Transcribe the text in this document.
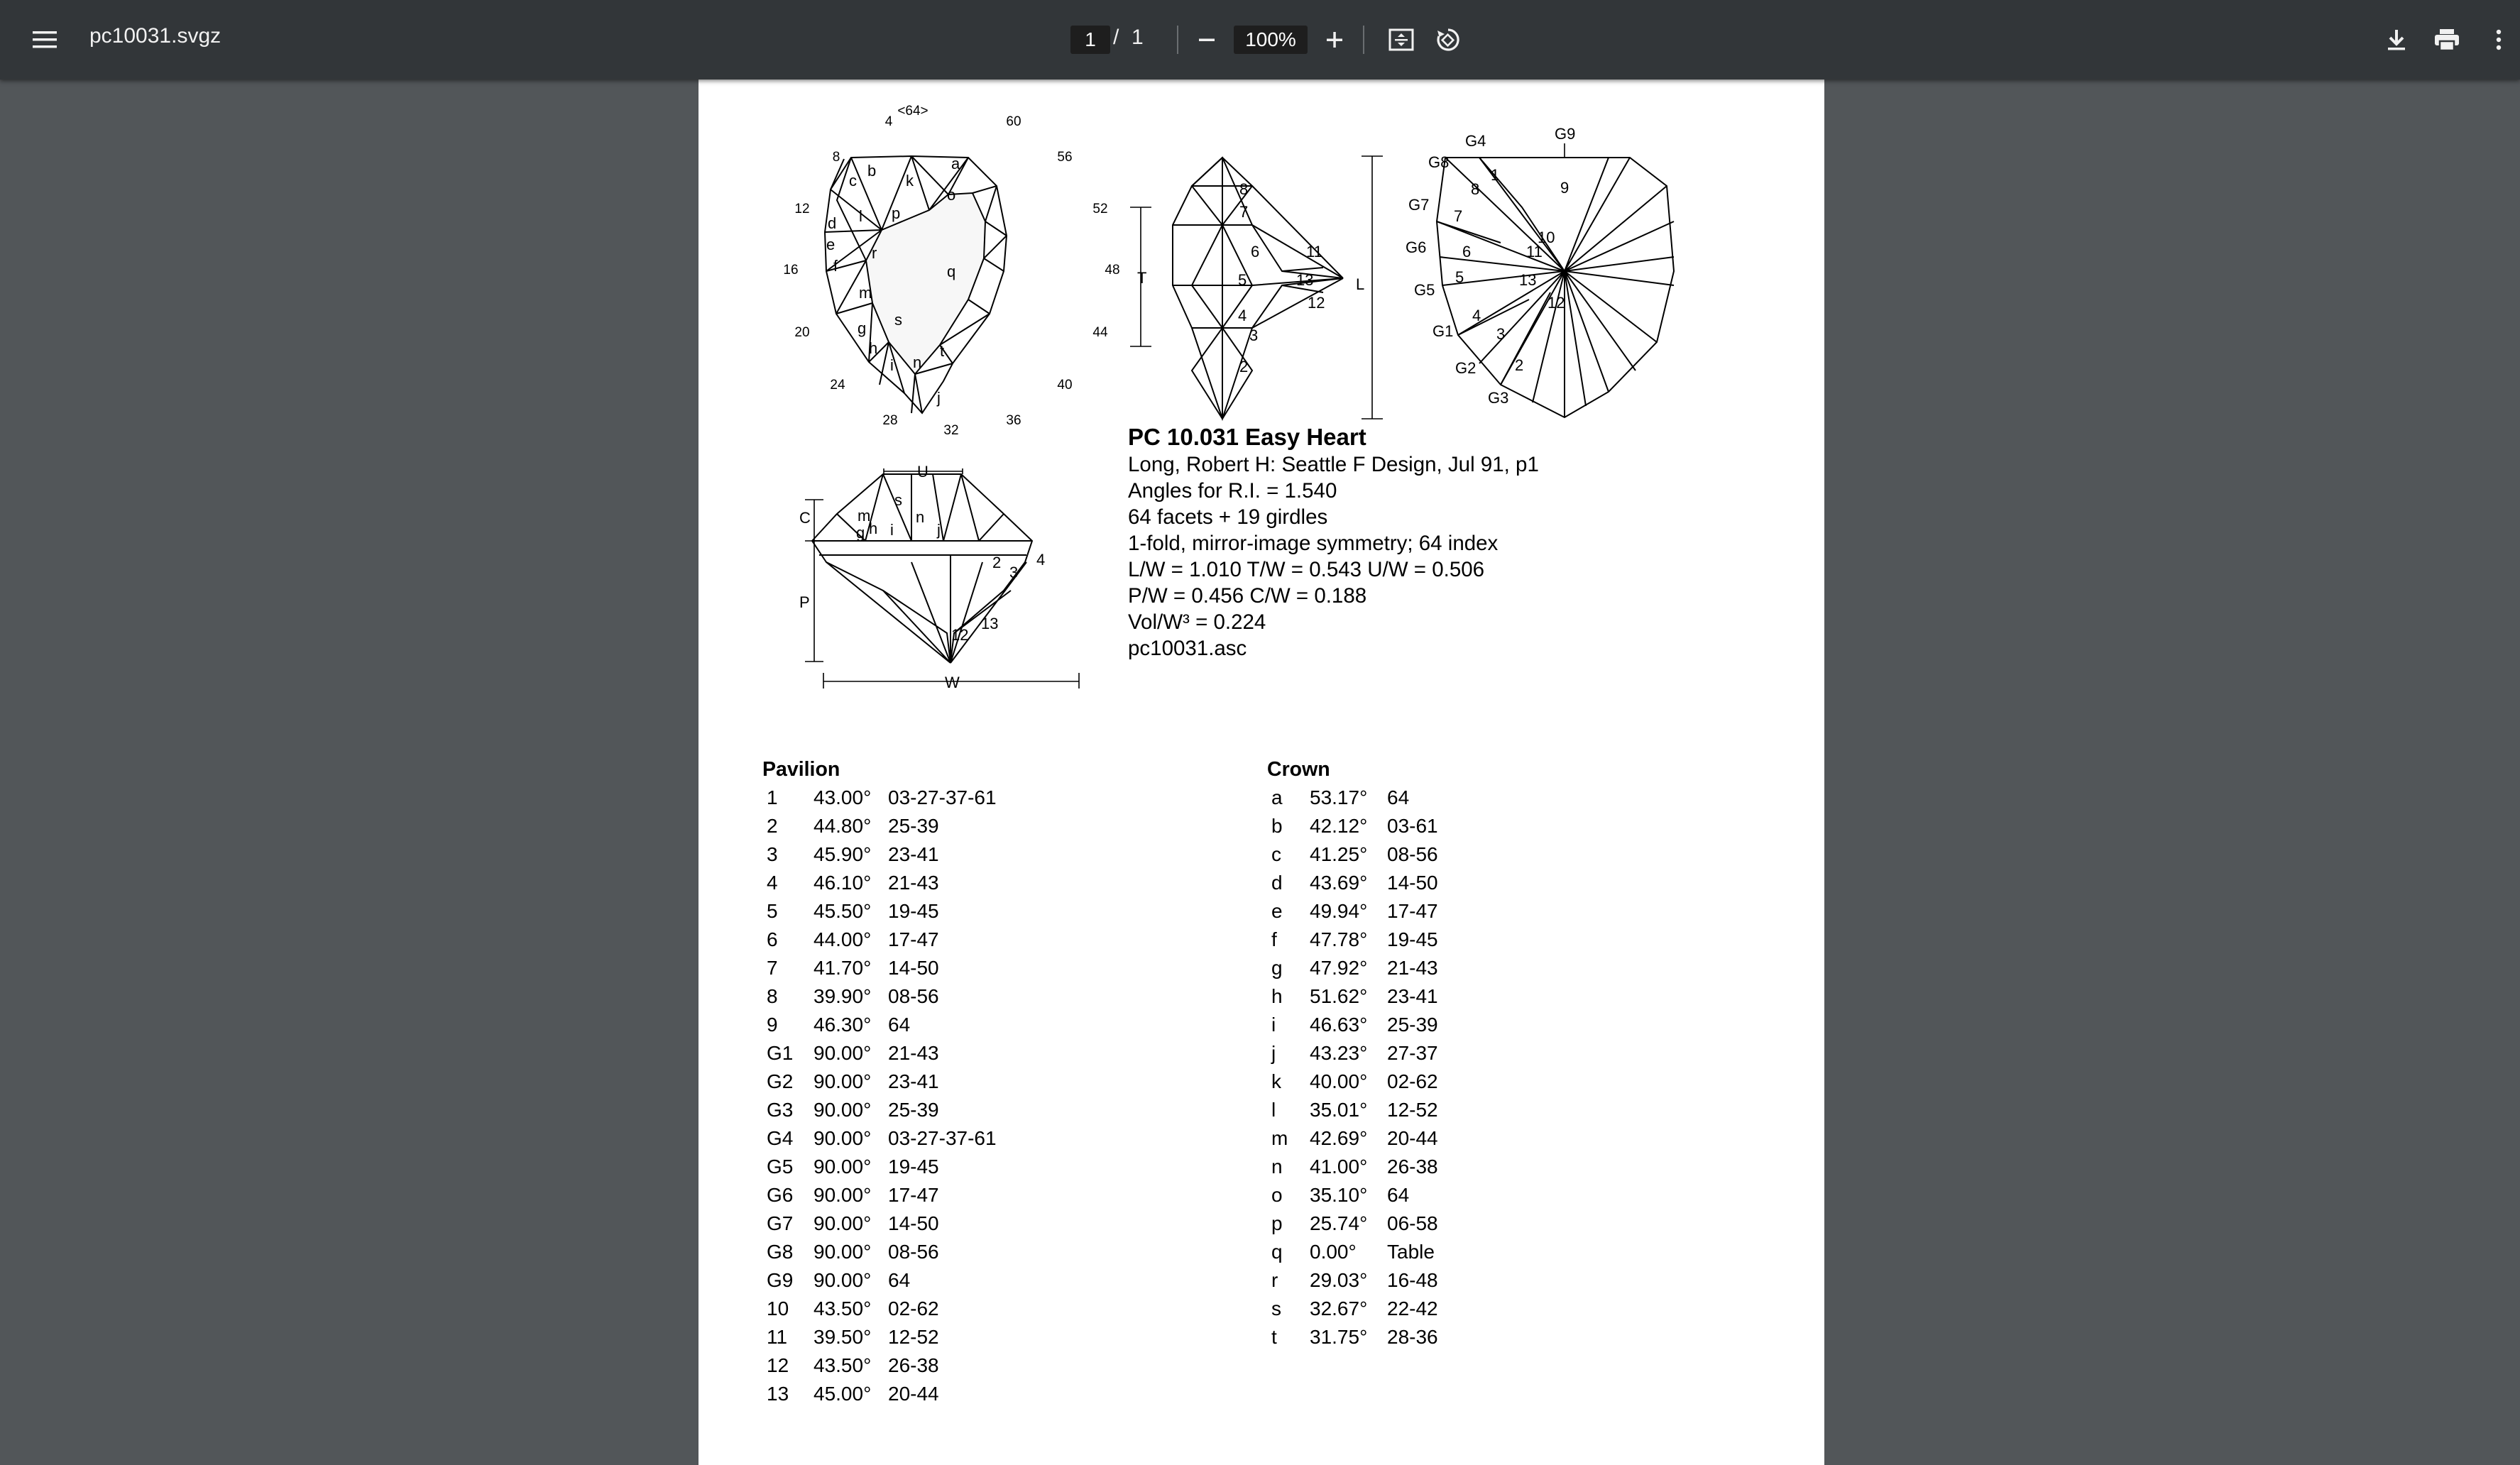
pc10031.svgz	1 / 1	100%
<64>
4	60
8	56
12	52
16	48
20	44
24	40
28	36
32
a
b
c	k
o
d l p
e r
f	q
m
g s
h
i n
t
j
8
7
6	11
5	13
12
4
3
2
T	L
G4	G9
G8
G7
G6
G5
G1
G2
G3
1
8	9
7
10
6	11
5	13
12
4
3
2
s
m
g h i
n
j
2
3
4
12
13
U
C
P
W
PC 10.031 Easy Heart
Long, Robert H: Seattle F Design, Jul 91, p1
Angles for R.I. = 1.540
64 facets + 19 girdles
1-fold, mirror-image symmetry; 64 index
L/W = 1.010 T/W = 0.543 U/W = 0.506
P/W = 0.456 C/W = 0.188
Vol/W³ = 0.224
pc10031.asc
Pavilion
1 43.00° 03-27-37-61
2 44.80° 25-39
3 45.90° 23-41
4 46.10° 21-43
5 45.50° 19-45
6 44.00° 17-47
7 41.70° 14-50
8 39.90° 08-56
9 46.30° 64
G1 90.00° 21-43
G2 90.00° 23-41
G3 90.00° 25-39
G4 90.00° 03-27-37-61
G5 90.00° 19-45
G6 90.00° 17-47
G7 90.00° 14-50
G8 90.00° 08-56
G9 90.00° 64
10 43.50° 02-62
11 39.50° 12-52
12 43.50° 26-38
13 45.00° 20-44
Crown
a 53.17° 64
b 42.12° 03-61
c 41.25° 08-56
d 43.69° 14-50
e 49.94° 17-47
f 47.78° 19-45
g 47.92° 21-43
h 51.62° 23-41
i 46.63° 25-39
j 43.23° 27-37
k 40.00° 02-62
l 35.01° 12-52
m 42.69° 20-44
n 41.00° 26-38
o 35.10° 64
p 25.74° 06-58
q 0.00° Table
r 29.03° 16-48
s 32.67° 22-42
t 31.75° 28-36
